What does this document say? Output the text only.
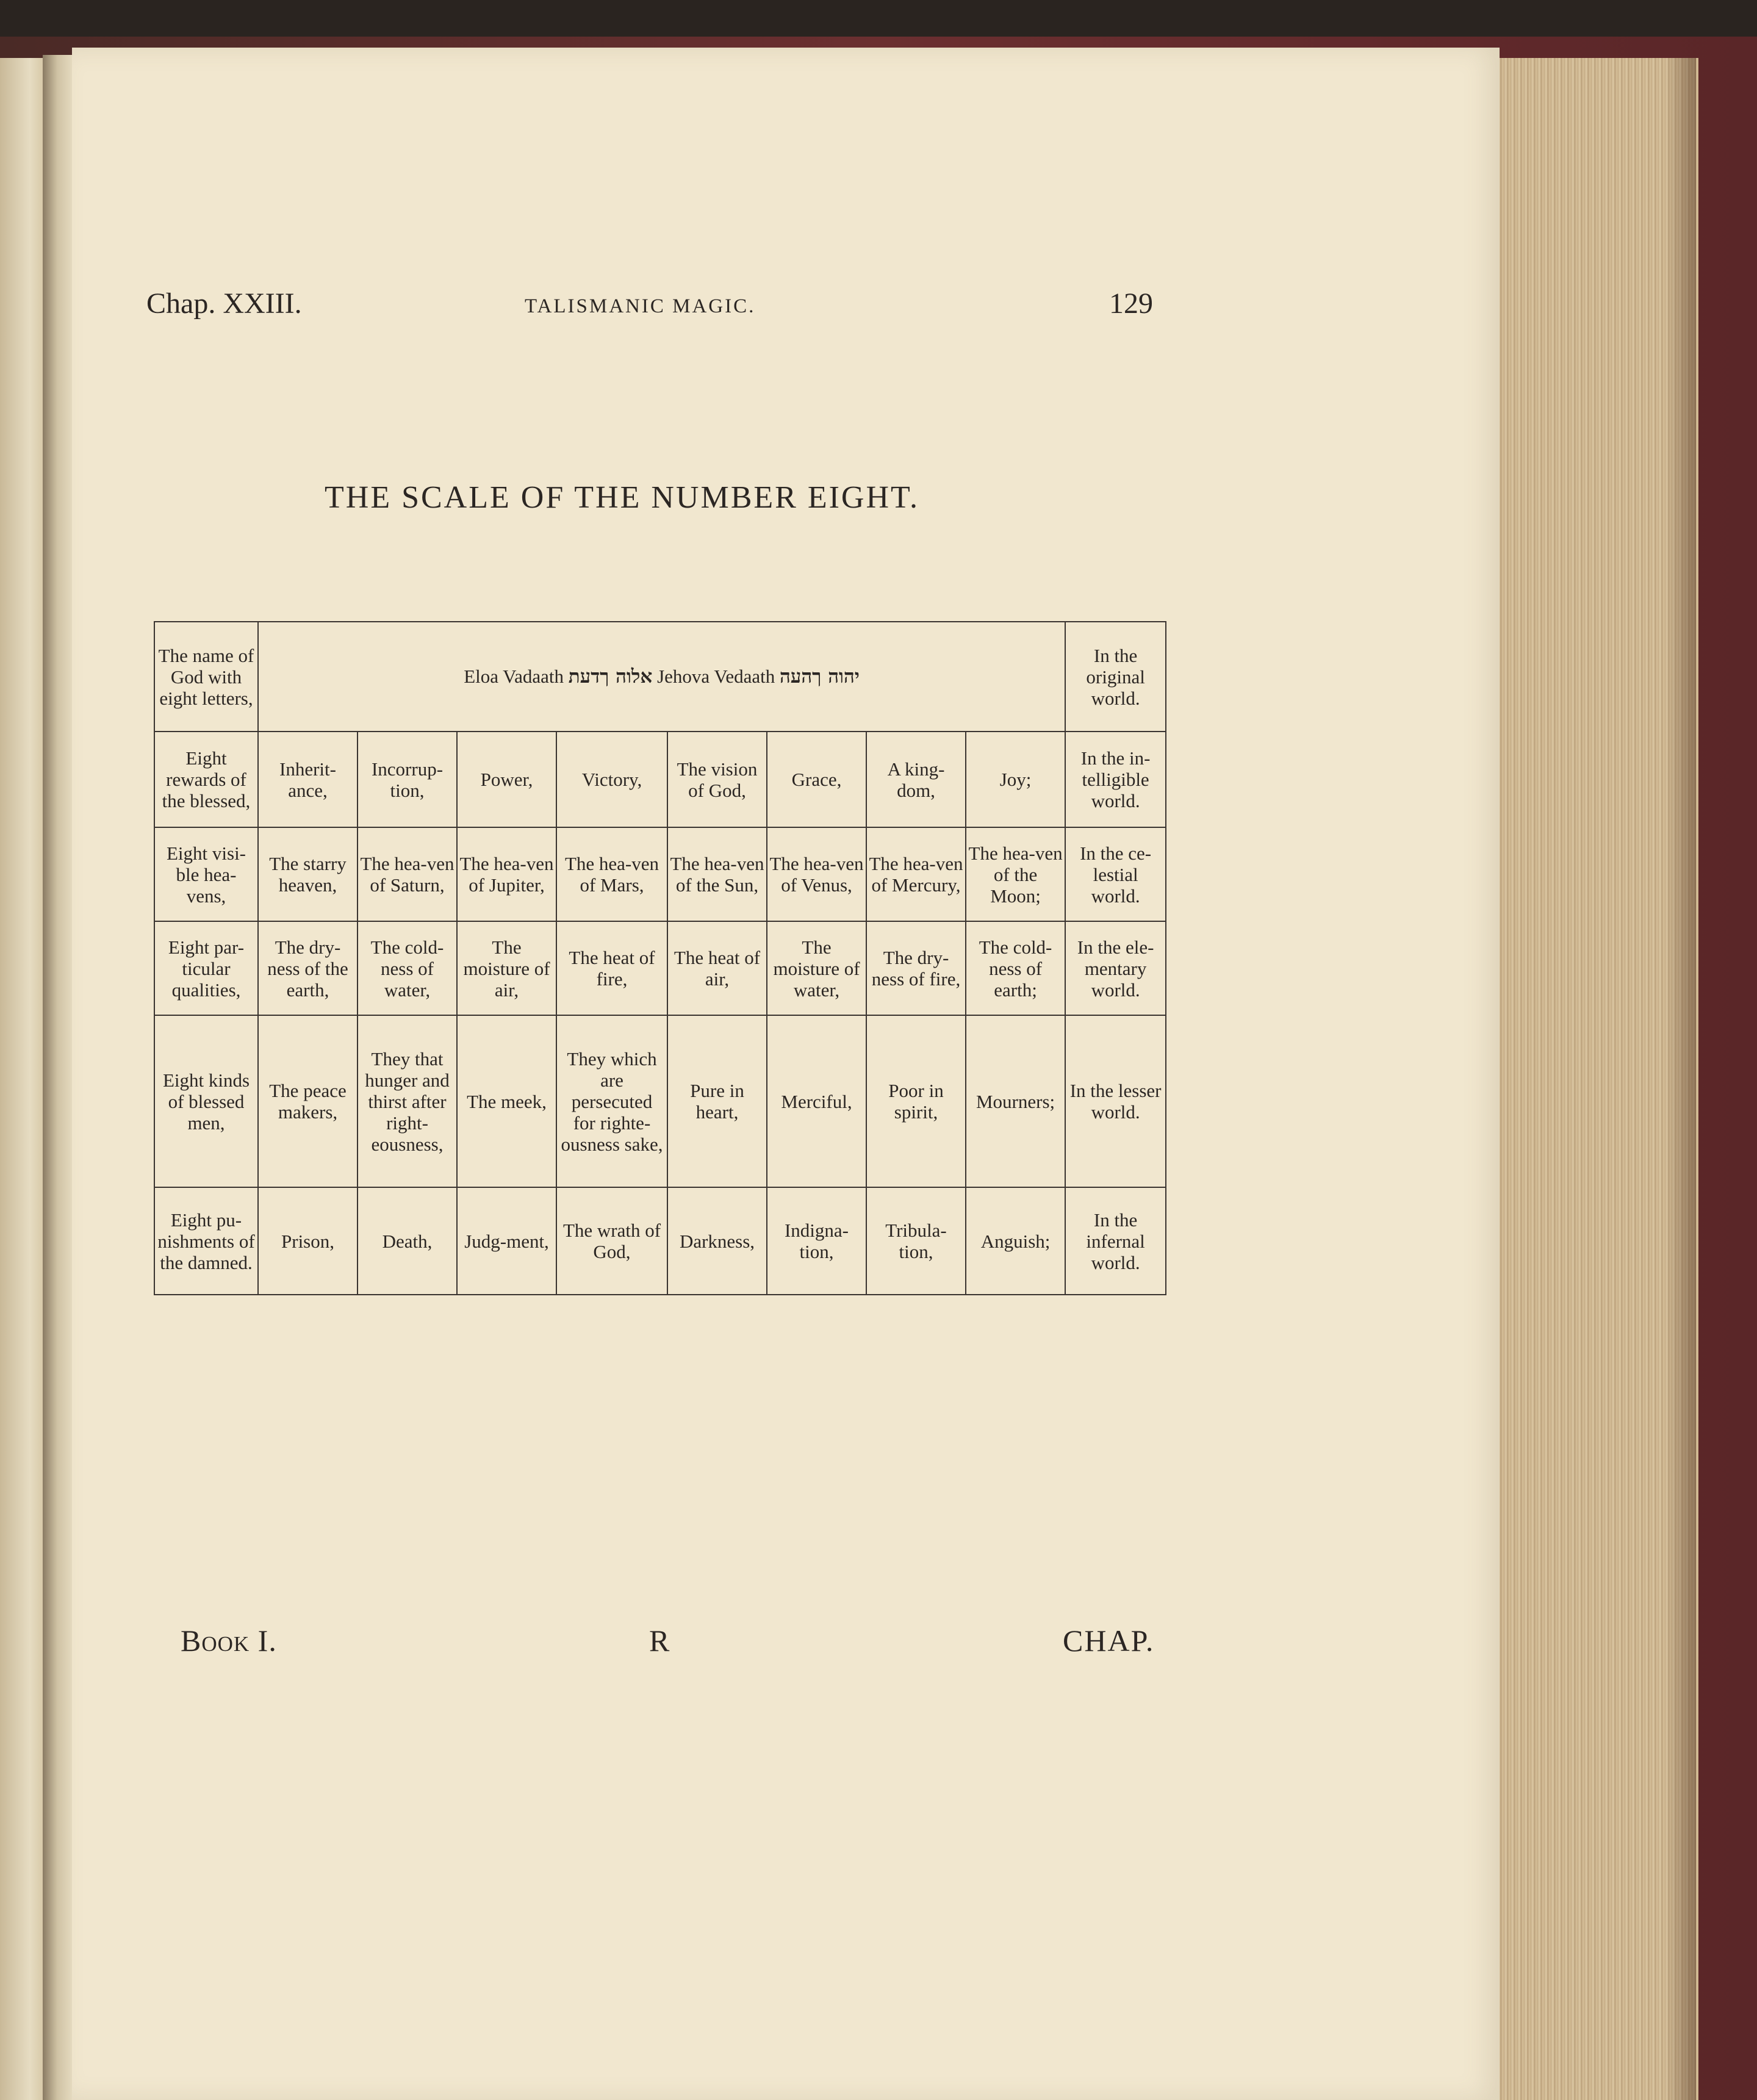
Chap. XXIII.	TALISMANIC MAGIC.	129
THE SCALE OF THE NUMBER EIGHT.
The name of God with eight letters,	Eloa Vadaath אלוה ךדעת Jehova Vedaath יהוה ךהעה								In the original world.
Eight rewards of the blessed,	Inherit-ance,	Incorrup-tion,	Power,	Victory,	The vision of God,	Grace,	A king-dom,	Joy;	In the in-telligible world.
Eight visi-ble hea-vens,	The starry heaven,	The hea-ven of Saturn,	The hea-ven of Jupiter,	The hea-ven of Mars,	The hea-ven of the Sun,	The hea-ven of Venus,	The hea-ven of Mercury,	The hea-ven of the Moon;	In the ce-lestial world.
Eight par-ticular qualities,	The dry-ness of the earth,	The cold-ness of water,	The moisture of air,	The heat of fire,	The heat of air,	The moisture of water,	The dry-ness of fire,	The cold-ness of earth;	In the ele-mentary world.
Eight kinds of blessed men,	The peace makers,	They that hunger and thirst after right-eousness,	The meek,	They which are persecuted for righte-ousness sake,	Pure in heart,	Merciful,	Poor in spirit,	Mourners;	In the lesser world.
Eight pu-nishments of the damned.	Prison,	Death,	Judg-ment,	The wrath of God,	Darkness,	Indigna-tion,	Tribula-tion,	Anguish;	In the infernal world.
Book I.	R	CHAP.
